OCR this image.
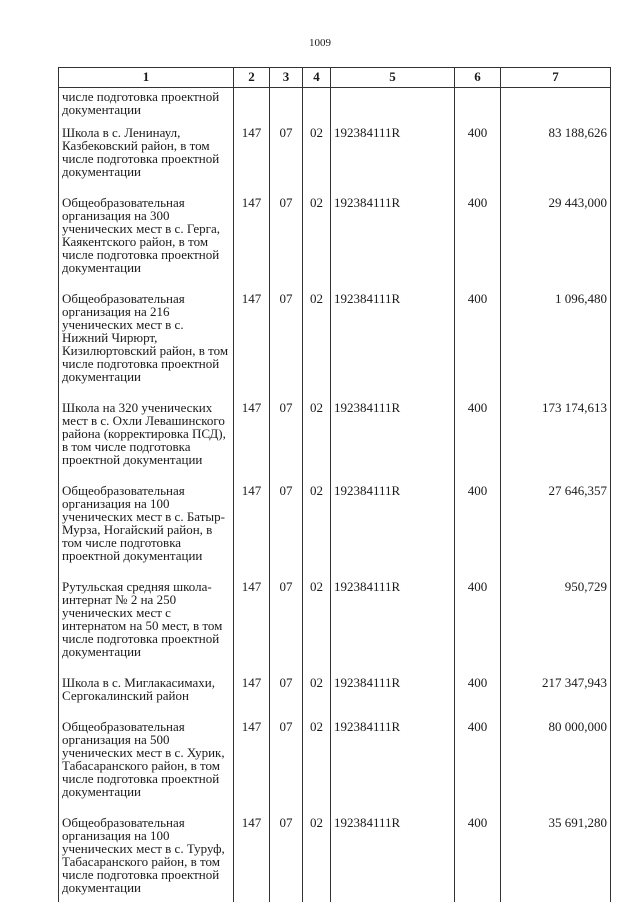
1009
1	2	3	4	5	6	7
числе подготовка проектной документации						
Школа в с. Ленинаул, Казбековский район, в том числе подготовка проектной документации	147	07	02	192384111R	400	83 188,626
Общеобразовательная организация на 300 ученических мест в с. Герга, Каякентского район, в том числе подготовка проектной документации	147	07	02	192384111R	400	29 443,000
Общеобразовательная организация на 216 ученических мест в с. Нижний Чирюрт, Кизилюртовский район, в том числе подготовка проектной документации	147	07	02	192384111R	400	1 096,480
Школа на 320 ученических мест в с. Охли Левашинского района (корректировка ПСД), в том числе подготовка проектной документации	147	07	02	192384111R	400	173 174,613
Общеобразовательная организация на 100 ученических мест в с. Батыр-Мурза, Ногайский район, в том числе подготовка проектной документации	147	07	02	192384111R	400	27 646,357
Рутульская средняя школа-интернат № 2 на 250 ученических мест с интернатом на 50 мест, в том числе подготовка проектной документации	147	07	02	192384111R	400	950,729
Школа в с. Миглакасимахи, Сергокалинский район	147	07	02	192384111R	400	217 347,943
Общеобразовательная организация на 500 ученических мест в с. Хурик, Табасаранского район, в том числе подготовка проектной документации	147	07	02	192384111R	400	80 000,000
Общеобразовательная организация на 100 ученических мест в с. Туруф, Табасаранского район, в том числе подготовка проектной документации	147	07	02	192384111R	400	35 691,280
